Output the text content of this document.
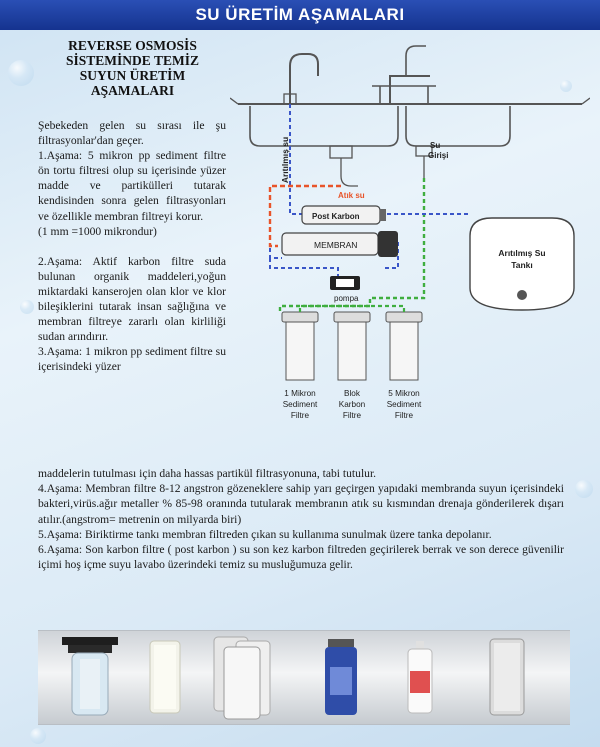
SU ÜRETİM AŞAMALARI
REVERSE OSMOSİS
SİSTEMİNDE TEMİZ
SUYUN ÜRETİM
AŞAMALARI
Arıtılmış su	Su
Girişi
Atık su
Post Karbon
MEMBRAN
pompa
Arıtılmış Su
Tankı
1 Mikron
Sediment
Filtre
Blok
Karbon
Filtre
5 Mikron
Sediment
Filtre

Şebekeden gelen su sırası ile şu filtrasyonlar'dan geçer.

1.Aşama: 5 mikron pp sediment filtre ön tortu filtresi olup su içerisinde yüzer madde ve partikülleri tutarak kendisinden sonra gelen filtrasyonları ve özellikle membran filtreyi korur.

(1 mm =1000 mikrondur)

2.Aşama: Aktif karbon filtre suda bulunan organik maddeleri,yoğun miktardaki kanserojen olan klor ve klor bileşiklerini tutarak insan sağlığına ve membran filtreye zararlı olan kirliliği sudan arındırır.

3.Aşama: 1 mikron pp sediment filtre su içerisindeki yüzer

maddelerin tutulması için daha hassas partikül filtrasyonuna, tabi tutulur.

4.Aşama: Membran filtre 8-12 angstron gözeneklere sahip yarı geçirgen yapıdaki membranda suyun içerisindeki bakteri,virüs.ağır metaller % 85-98 oranında tutularak membranın atık su kısmından drenaja gönderilerek dışarı atılır.(angstrom= metrenin on milyarda biri)

5.Aşama: Biriktirme tankı membran filtreden çıkan su kullanıma sunulmak üzere tanka depolanır.

6.Aşama: Son karbon filtre ( post karbon ) su son kez karbon filtreden geçirilerek berrak ve son derece güvenilir içimi hoş içme suyu lavabo üzerindeki temiz su musluğumuza gelir.
